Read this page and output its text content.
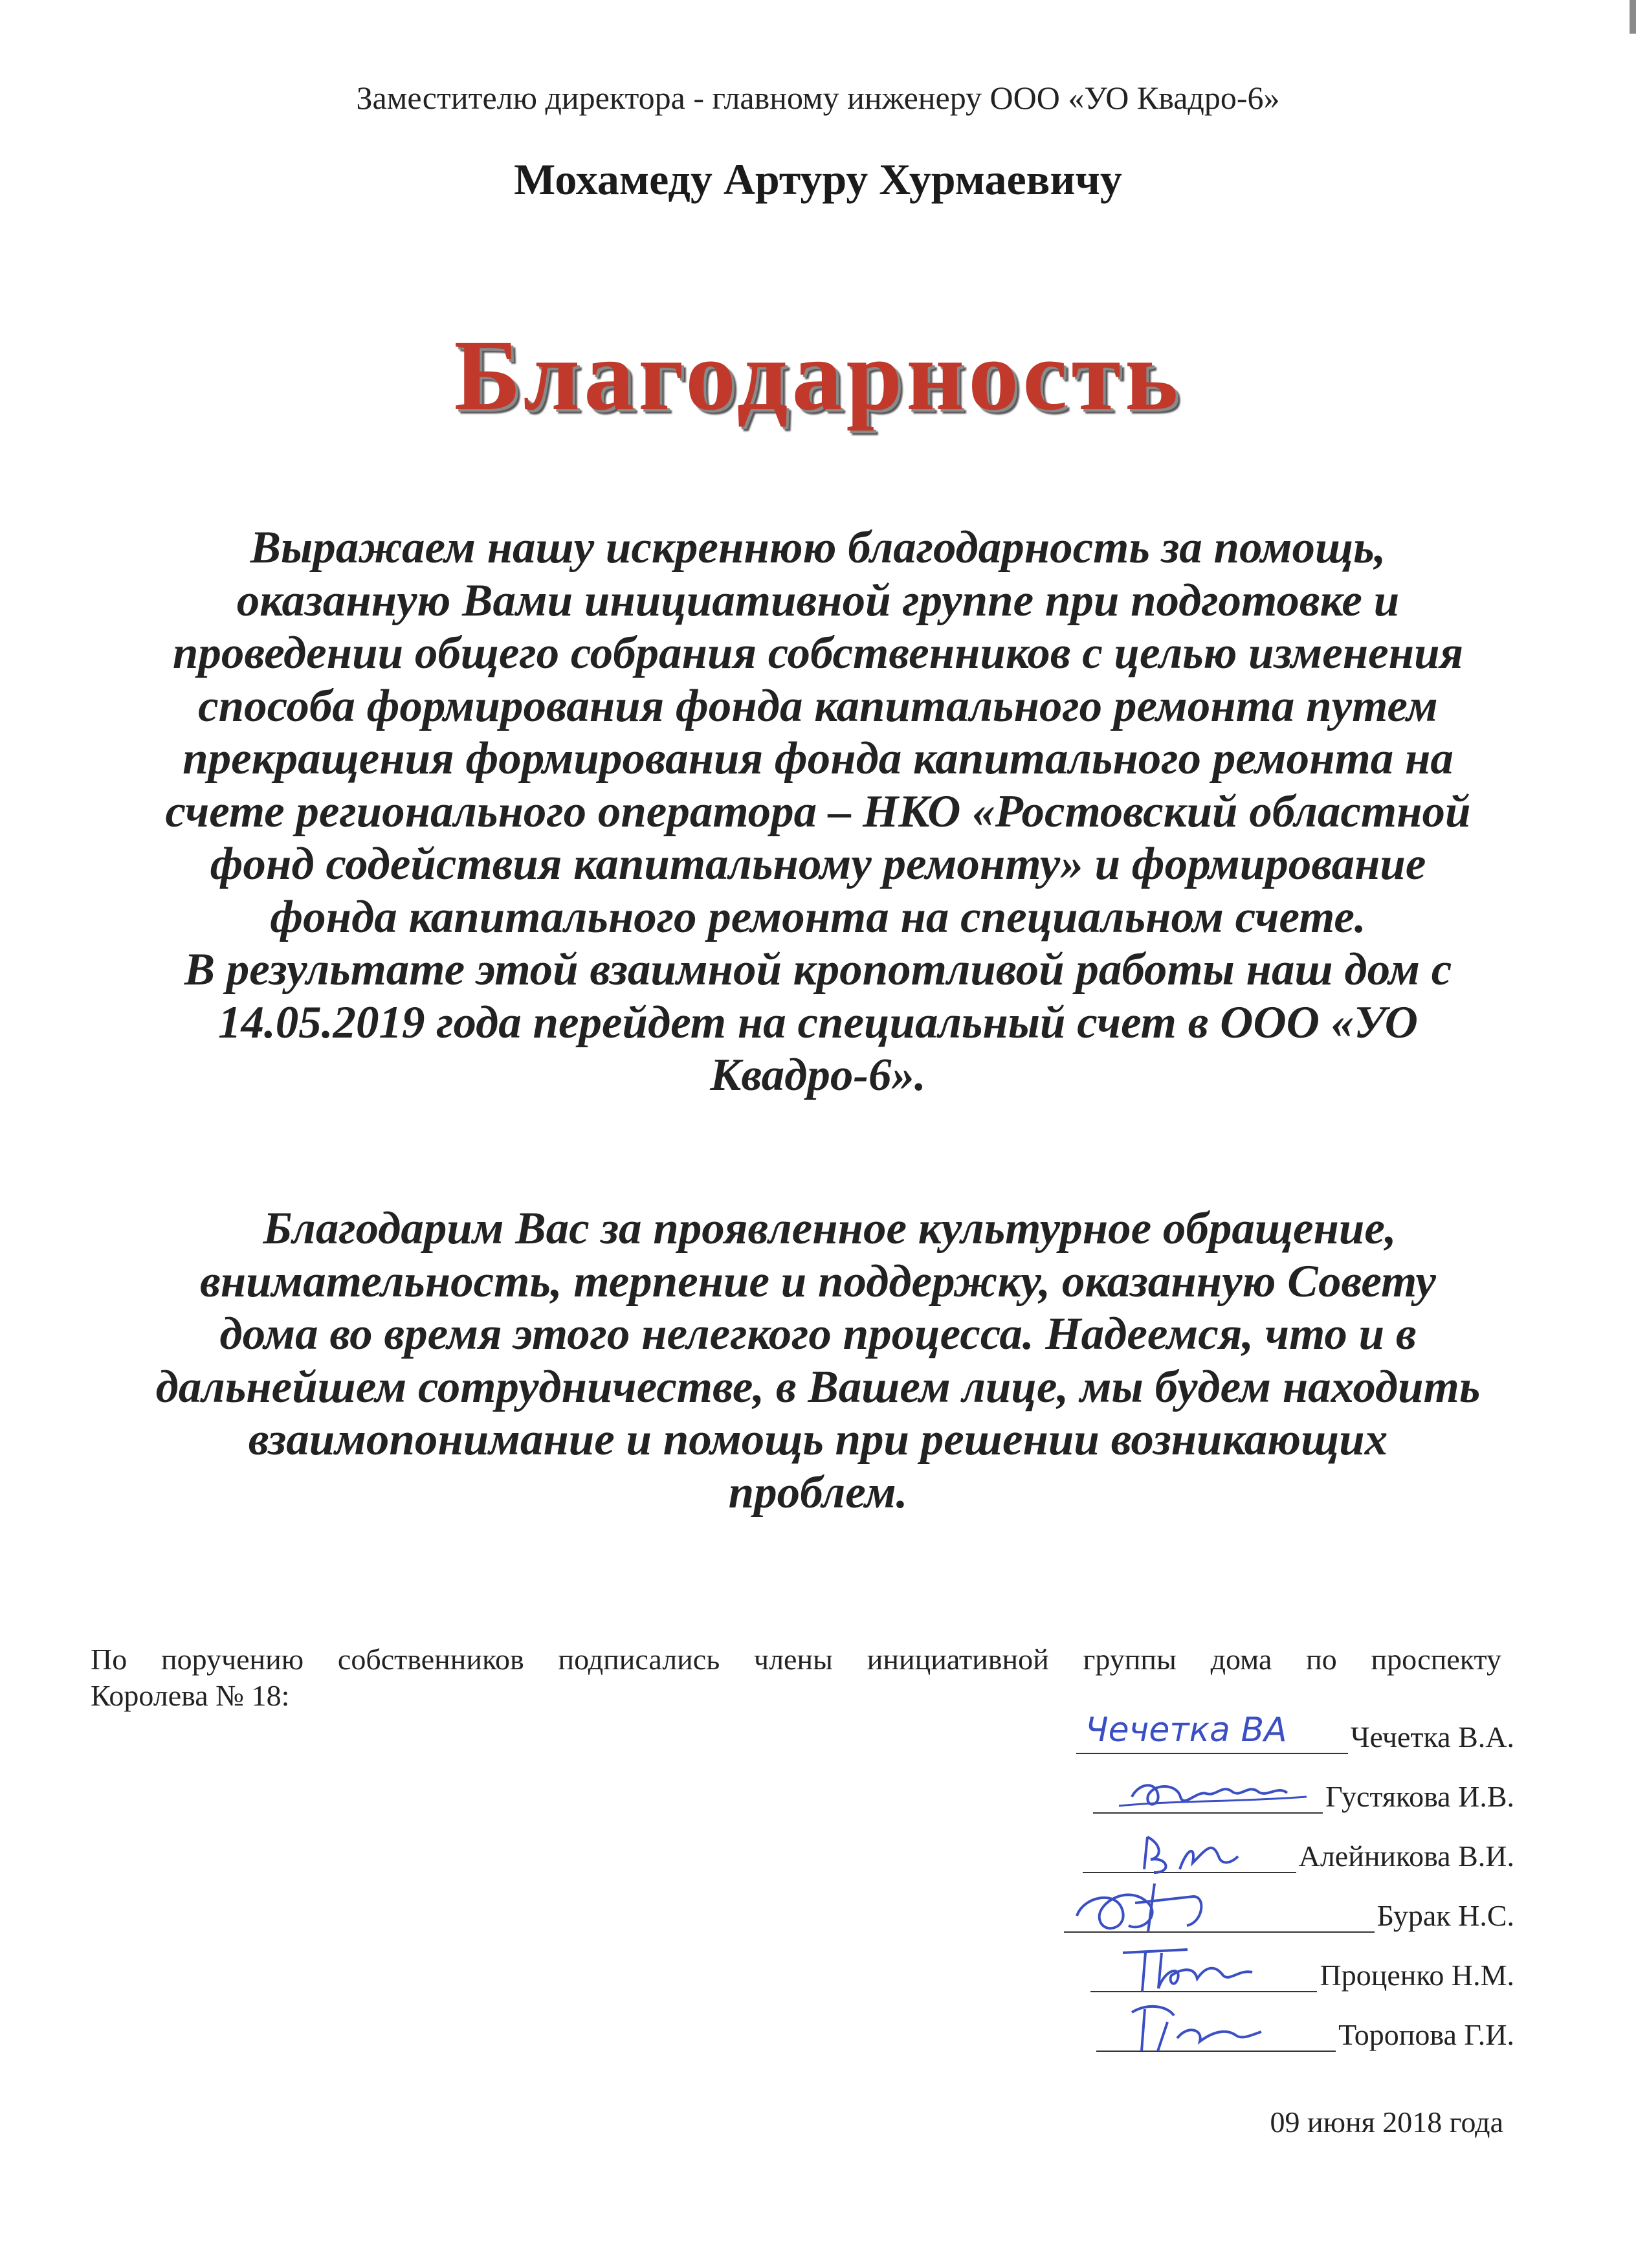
Заместителю директора - главному инженеру ООО «УО Квадро-6»
Мохамеду Артуру Хурмаевичу
Благодарность
Выражаем нашу искреннюю благодарность за помощь,
оказанную Вами инициативной группе при подготовке и
проведении общего собрания собственников с целью изменения
способа формирования фонда капитального ремонта путем
прекращения формирования фонда капитального ремонта на
счете регионального оператора – НКО «Ростовский областной
фонд содействия капитальному ремонту» и формирование
фонда капитального ремонта на специальном счете.
В результате этой взаимной кропотливой работы наш дом с
14.05.2019 года перейдет на специальный счет в ООО «УО
Квадро-6».
Благодарим Вас за проявленное культурное обращение,
внимательность, терпение и поддержку, оказанную Совету
дома во время этого нелегкого процесса. Надеемся, что и в
дальнейшем сотрудничестве, в Вашем лице, мы будем находить
взаимопонимание и помощь при решении возникающих
проблем.
По поручению собственников подписались члены инициативной группы дома по проспекту
Королева № 18:
Чечетка ВА Чечетка В.А.
Густякова И.В.
Алейникова В.И.
Бурак Н.С.
Проценко Н.М.
Торопова Г.И.
09 июня 2018 года
